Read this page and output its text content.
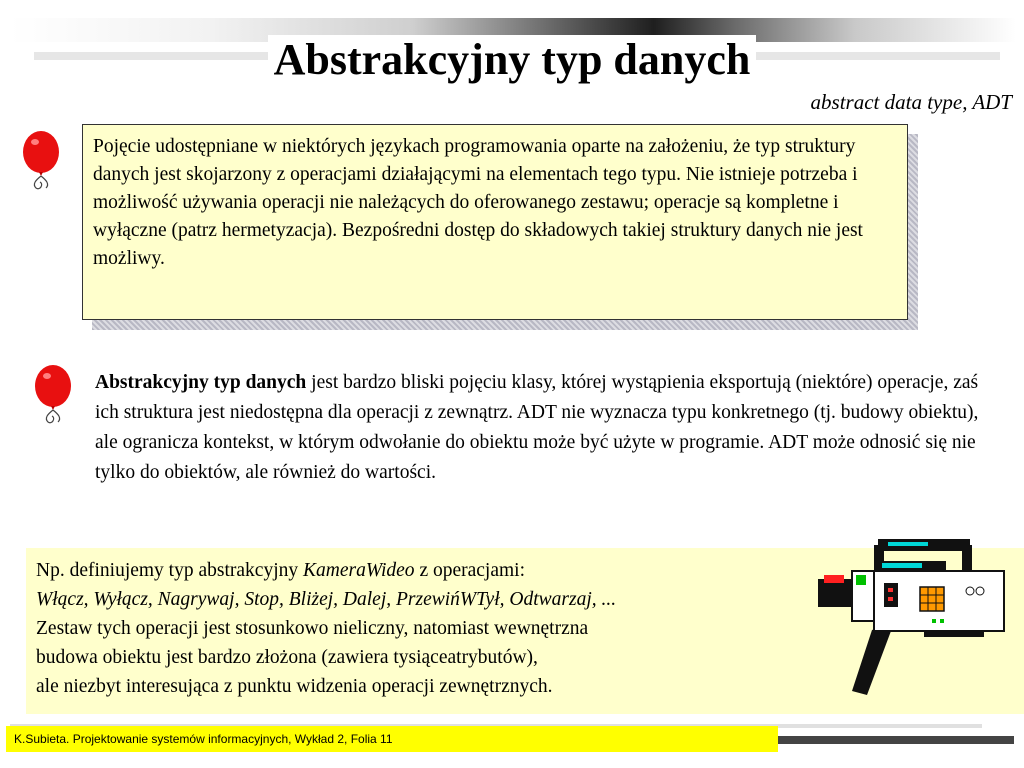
Abstrakcyjny typ danych
abstract data type, ADT
Pojęcie udostępniane w niektórych językach programowania oparte na założeniu, że typ struktury danych jest skojarzony z operacjami działającymi na elementach tego typu. Nie istnieje potrzeba i możliwość używania operacji nie należących do oferowanego zestawu; operacje są kompletne i wyłączne (patrz hermetyzacja). Bezpośredni dostęp do składowych takiej struktury danych nie jest możliwy.
Abstrakcyjny typ danych jest bardzo bliski pojęciu klasy, której wystąpienia eksportują (niektóre) operacje, zaś ich struktura jest niedostępna dla operacji z zewnątrz. ADT nie wyznacza typu konkretnego (tj. budowy obiektu), ale ogranicza kontekst, w którym odwołanie do obiektu może być użyte w programie. ADT może odnosić się nie tylko do obiektów, ale również do wartości.
Np. definiujemy typ abstrakcyjny KameraWideo z operacjami:
Włącz, Wyłącz, Nagrywaj, Stop, Bliżej, Dalej, PrzewińWTył, Odtwarzaj, ...
Zestaw tych operacji jest stosunkowo nieliczny, natomiast wewnętrzna
budowa obiektu jest bardzo złożona (zawiera tysiąceatrybutów),
ale niezbyt interesująca z punktu widzenia operacji zewnętrznych.
K.Subieta. Projektowanie systemów informacyjnych, Wykład 2, Folia 11
